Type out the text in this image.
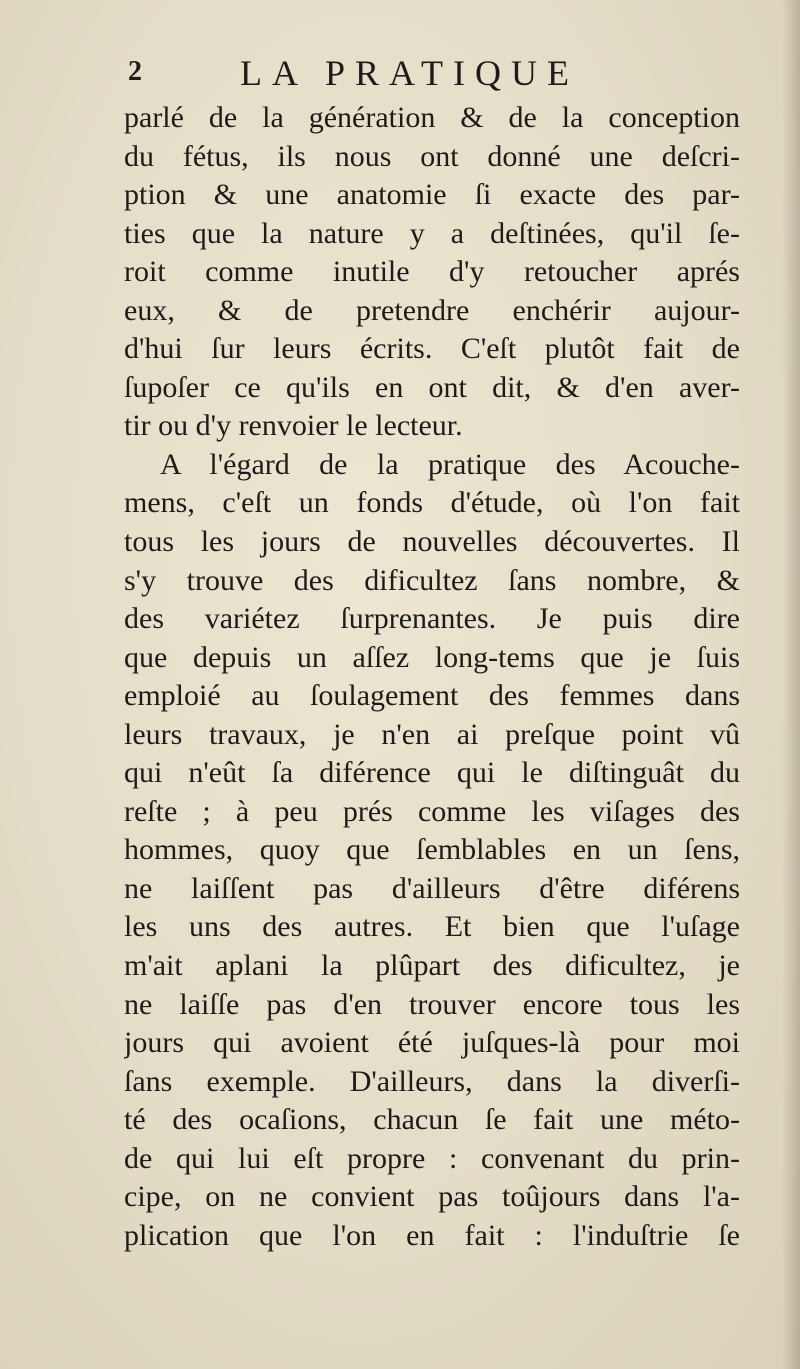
2	LA PRATIQUE
parlé de la génération & de la conception
du fétus, ils nous ont donné une deſcri-
ption & une anatomie ſi exacte des par-
ties que la nature y a deſtinées, qu'il ſe-
roit comme inutile d'y retoucher aprés
eux, & de pretendre enchérir aujour-
d'hui ſur leurs écrits. C'eſt plutôt fait de
ſupoſer ce qu'ils en ont dit, & d'en aver-
tir ou d'y renvoier le lecteur.
A l'égard de la pratique des Acouche-
mens, c'eſt un fonds d'étude, où l'on fait
tous les jours de nouvelles découvertes. Il
s'y trouve des dificultez ſans nombre, &
des variétez ſurprenantes. Je puis dire
que depuis un aſſez long-tems que je ſuis
emploié au ſoulagement des femmes dans
leurs travaux, je n'en ai preſque point vû
qui n'eût ſa diférence qui le diſtinguât du
reſte ; à peu prés comme les viſages des
hommes, quoy que ſemblables en un ſens,
ne laiſſent pas d'ailleurs d'être diférens
les uns des autres. Et bien que l'uſage
m'ait aplani la plûpart des dificultez, je
ne laiſſe pas d'en trouver encore tous les
jours qui avoient été juſques-là pour moi
ſans exemple. D'ailleurs, dans la diverſi-
té des ocaſions, chacun ſe fait une méto-
de qui lui eſt propre : convenant du prin-
cipe, on ne convient pas toûjours dans l'a-
plication que l'on en fait : l'induſtrie ſe
